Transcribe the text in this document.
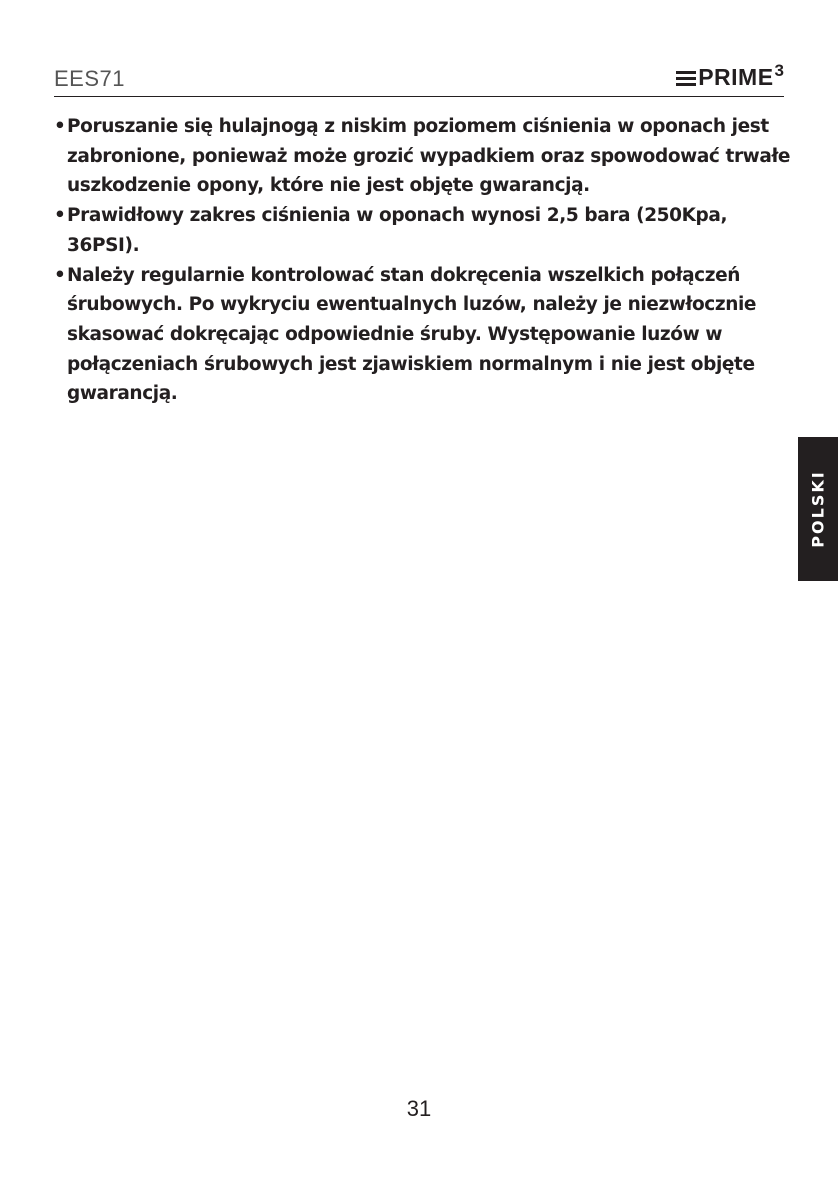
EES71	PRIME 3
• Poruszanie się hulajnogą z niskim poziomem ciśnienia w oponach jest zabronione, ponieważ może grozić wypadkiem oraz spowodować trwałe uszkodzenie opony, które nie jest objęte gwarancją.
• Prawidłowy zakres ciśnienia w oponach wynosi 2,5 bara (250Kpa, 36PSI).
• Należy regularnie kontrolować stan dokręcenia wszelkich połączeń śrubowych. Po wykryciu ewentualnych luzów, należy je niezwłocznie skasować dokręcając odpowiednie śruby. Występowanie luzów w połączeniach śrubowych jest zjawiskiem normalnym i nie jest objęte gwarancją.
POLSKI
31
